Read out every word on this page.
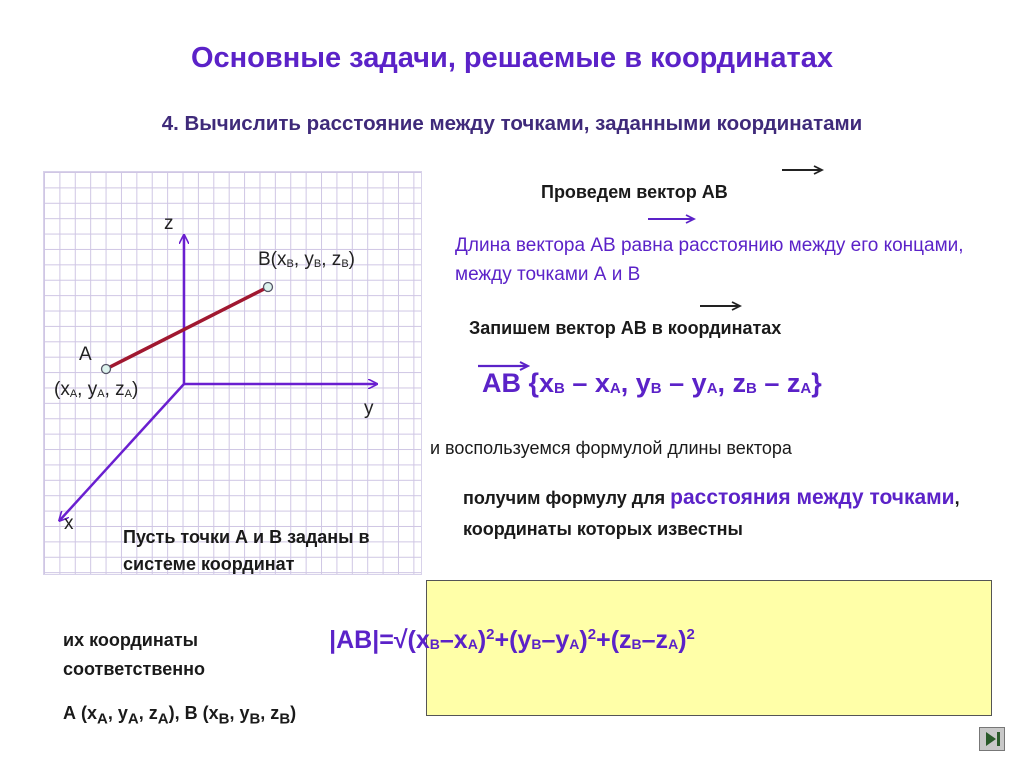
Основные задачи, решаемые в координатах
4. Вычислить расстояние между точками, заданными координатами
z
y
x
$B(x_B$, $y_B$, $z_B$)
A
($x_A$, $y_A$, $z_A$)
Пусть точки А и В заданы в системе координат
их координаты соответственно
А ($x_A$, $y_A$, $z_A$), В ($x_B$, $y_B$, $z_B$)
Проведем вектор АВ
Длина вектора АВ равна расстоянию между его концами, между точками А и В
Запишем вектор АВ в координатах
AB {$x_B - x_A$, $y_B - y_A$, $z_B - z_A$}
и воспользуемся формулой длины вектора
получим формулу для расстояния между точками, координаты которых известны
$|AB|=√(x_B-x_A)^2+(y_B-y_A)^2+(z_B-z_A)^2$
